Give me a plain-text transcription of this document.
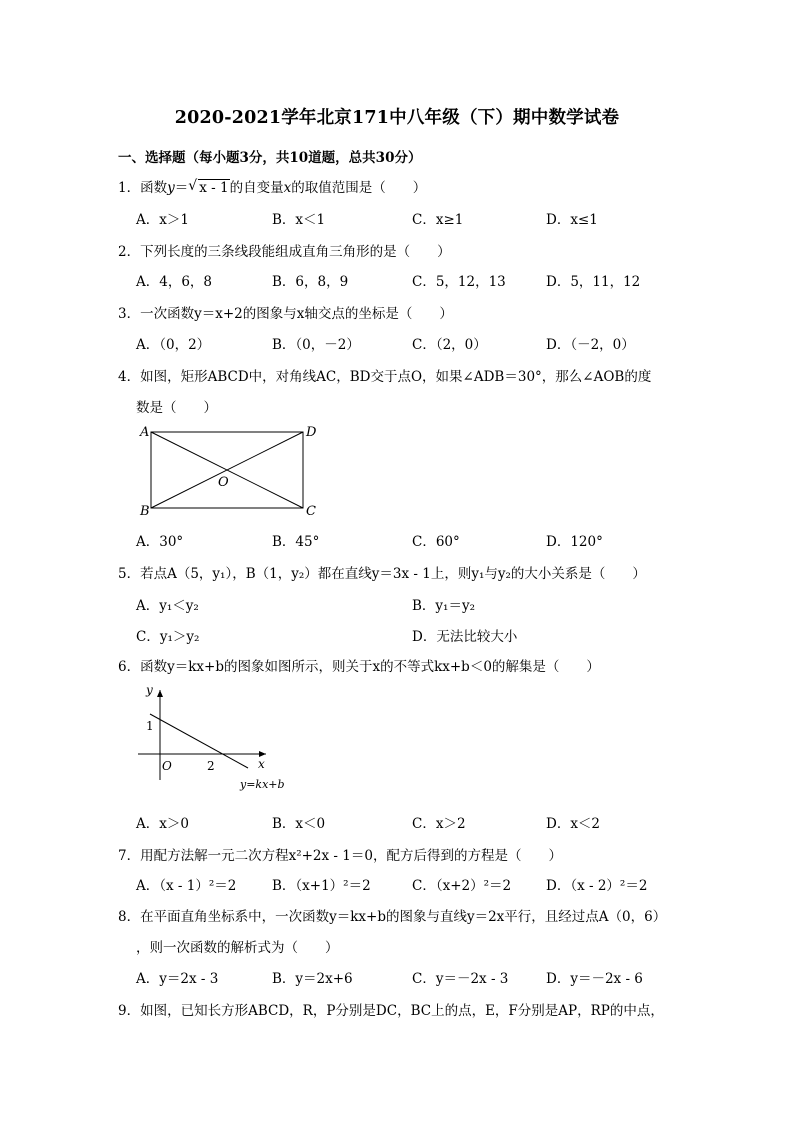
2020-2021学年北京171中八年级（下）期中数学试卷
一、选择题（每小题3分，共10道题，总共30分）
1．函数y＝ √ x - 1的自变量x的取值范围是（　　）
A．x＞1	B．x＜1	C．x≥1	D．x≤1
2．下列长度的三条线段能组成直角三角形的是（　　）
A．4，6，8	B．6，8，9	C．5，12，13	D．5，11，12
3．一次函数y＝x+2的图象与x轴交点的坐标是（　　）
A．（0，2）	B．（0，－2）	C．（2，0）	D．（－2，0）
4．如图，矩形ABCD中，对角线AC，BD交于点O，如果∠ADB＝30°，那么∠AOB的度
数是（　　）
A	D
B	C
O
A．30°	B．45°	C．60°	D．120°
5．若点A（5，y₁），B（1，y₂）都在直线y＝3x - 1上，则y₁与y₂的大小关系是（　　）
A．y₁＜y₂	B．y₁＝y₂
C．y₁＞y₂	D．无法比较大小
6．函数y＝kx+b的图象如图所示，则关于x的不等式kx+b＜0的解集是（　　）
y
x
O
1
2
y=kx+b
A．x＞0	B．x＜0	C．x＞2	D．x＜2
7．用配方法解一元二次方程x²+2x - 1＝0，配方后得到的方程是（　　）
A．（x - 1）²＝2	B．（x+1）²＝2	C．（x+2）²＝2	D．（x - 2）²＝2
8．在平面直角坐标系中，一次函数y＝kx+b的图象与直线y＝2x平行，且经过点A（0，6）
，则一次函数的解析式为（　　）
A．y＝2x - 3	B．y＝2x+6	C．y＝－2x - 3	D．y＝－2x - 6
9．如图，已知长方形ABCD，R，P分别是DC，BC上的点，E，F分别是AP，RP的中点，
